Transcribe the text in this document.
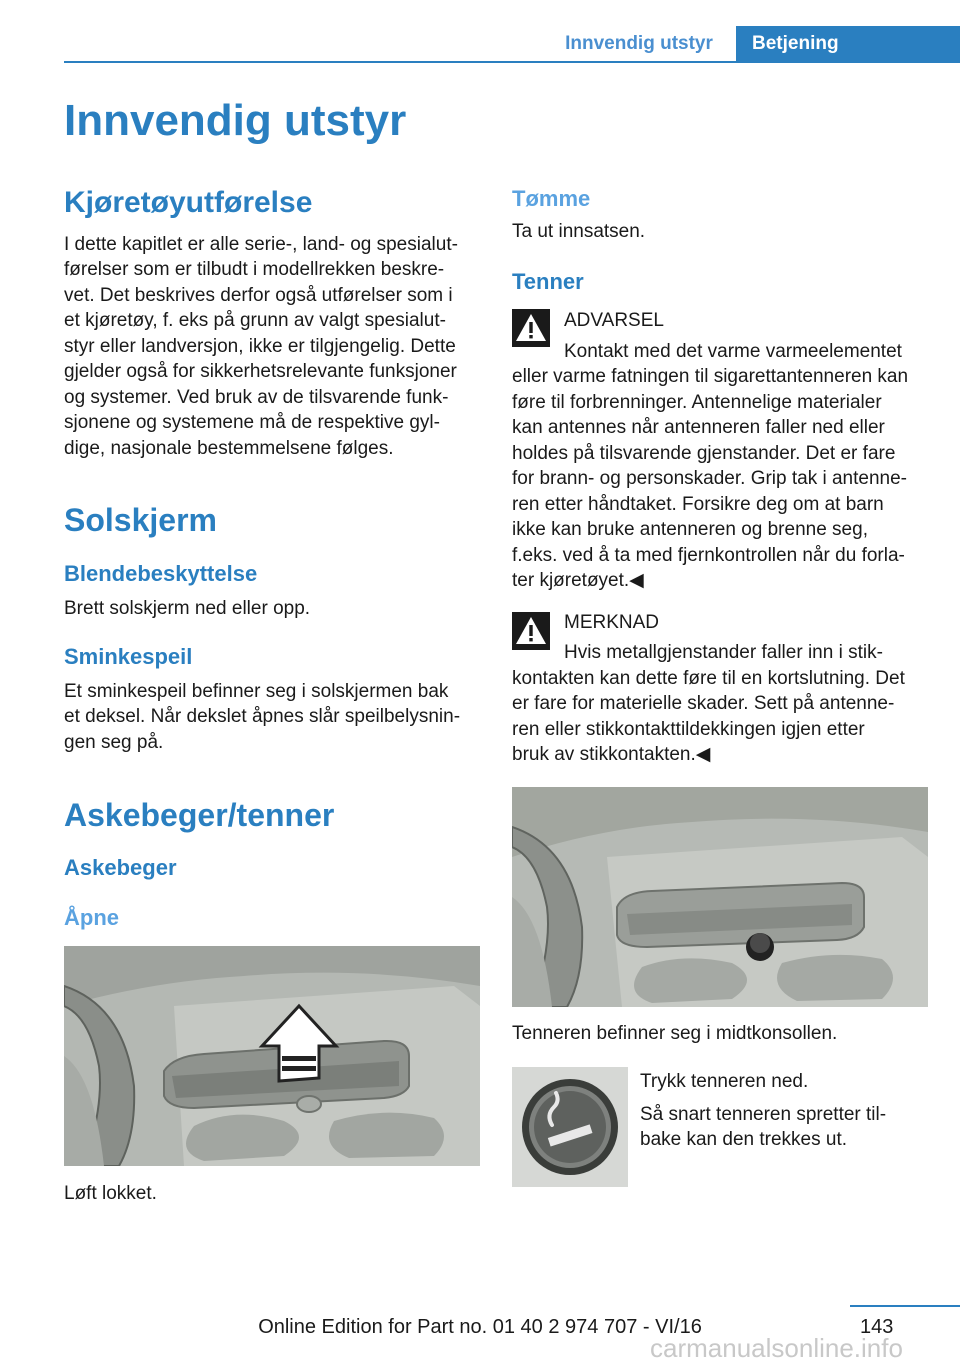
Innvendig utstyr	Betjening
Innvendig utstyr
Kjøretøyutførelse

I dette kapitlet er alle serie-, land- og spesialut‐

førelser som er tilbudt i modellrekken beskre‐

vet. Det beskrives derfor også utførelser som i

et kjøretøy, f. eks på grunn av valgt spesialut‐

styr eller landversjon, ikke er tilgjengelig. Dette

gjelder også for sikkerhetsrelevante funksjoner

og systemer. Ved bruk av de tilsvarende funk‐

sjonene og systemene må de respektive gyl‐

dige, nasjonale bestemmelsene følges.

Solskjerm
Blendebeskyttelse

Brett solskjerm ned eller opp.

Sminkespeil

Et sminkespeil befinner seg i solskjermen bak

et deksel. Når dekslet åpnes slår speilbelysnin‐

gen seg på.

Askebeger/tenner
Askebeger
Åpne

Løft lokket.

Tømme

Ta ut innsatsen.

Tenner

ADVARSEL

Kontakt med det varme varmeelementet

eller varme fatningen til sigarettantenneren kan

føre til forbrenninger. Antennelige materialer

kan antennes når antenneren faller ned eller

holdes på tilsvarende gjenstander. Det er fare

for brann- og personskader. Grip tak i antenne‐

ren etter håndtaket. Forsikre deg om at barn

ikke kan bruke antenneren og brenne seg,

f.eks. ved å ta med fjernkontrollen når du forla‐

ter kjøretøyet.◀

MERKNAD

Hvis metallgjenstander faller inn i stik‐

kontakten kan dette føre til en kortslutning. Det

er fare for materielle skader. Sett på antenne‐

ren eller stikkontakttildekkingen igjen etter

bruk av stikkontakten.◀

Tenneren befinner seg i midtkonsollen.

Trykk tenneren ned.

Så snart tenneren spretter til‐

bake kan den trekkes ut.

143
Online Edition for Part no. 01 40 2 974 707 - VI/16
carmanualsonline.info
